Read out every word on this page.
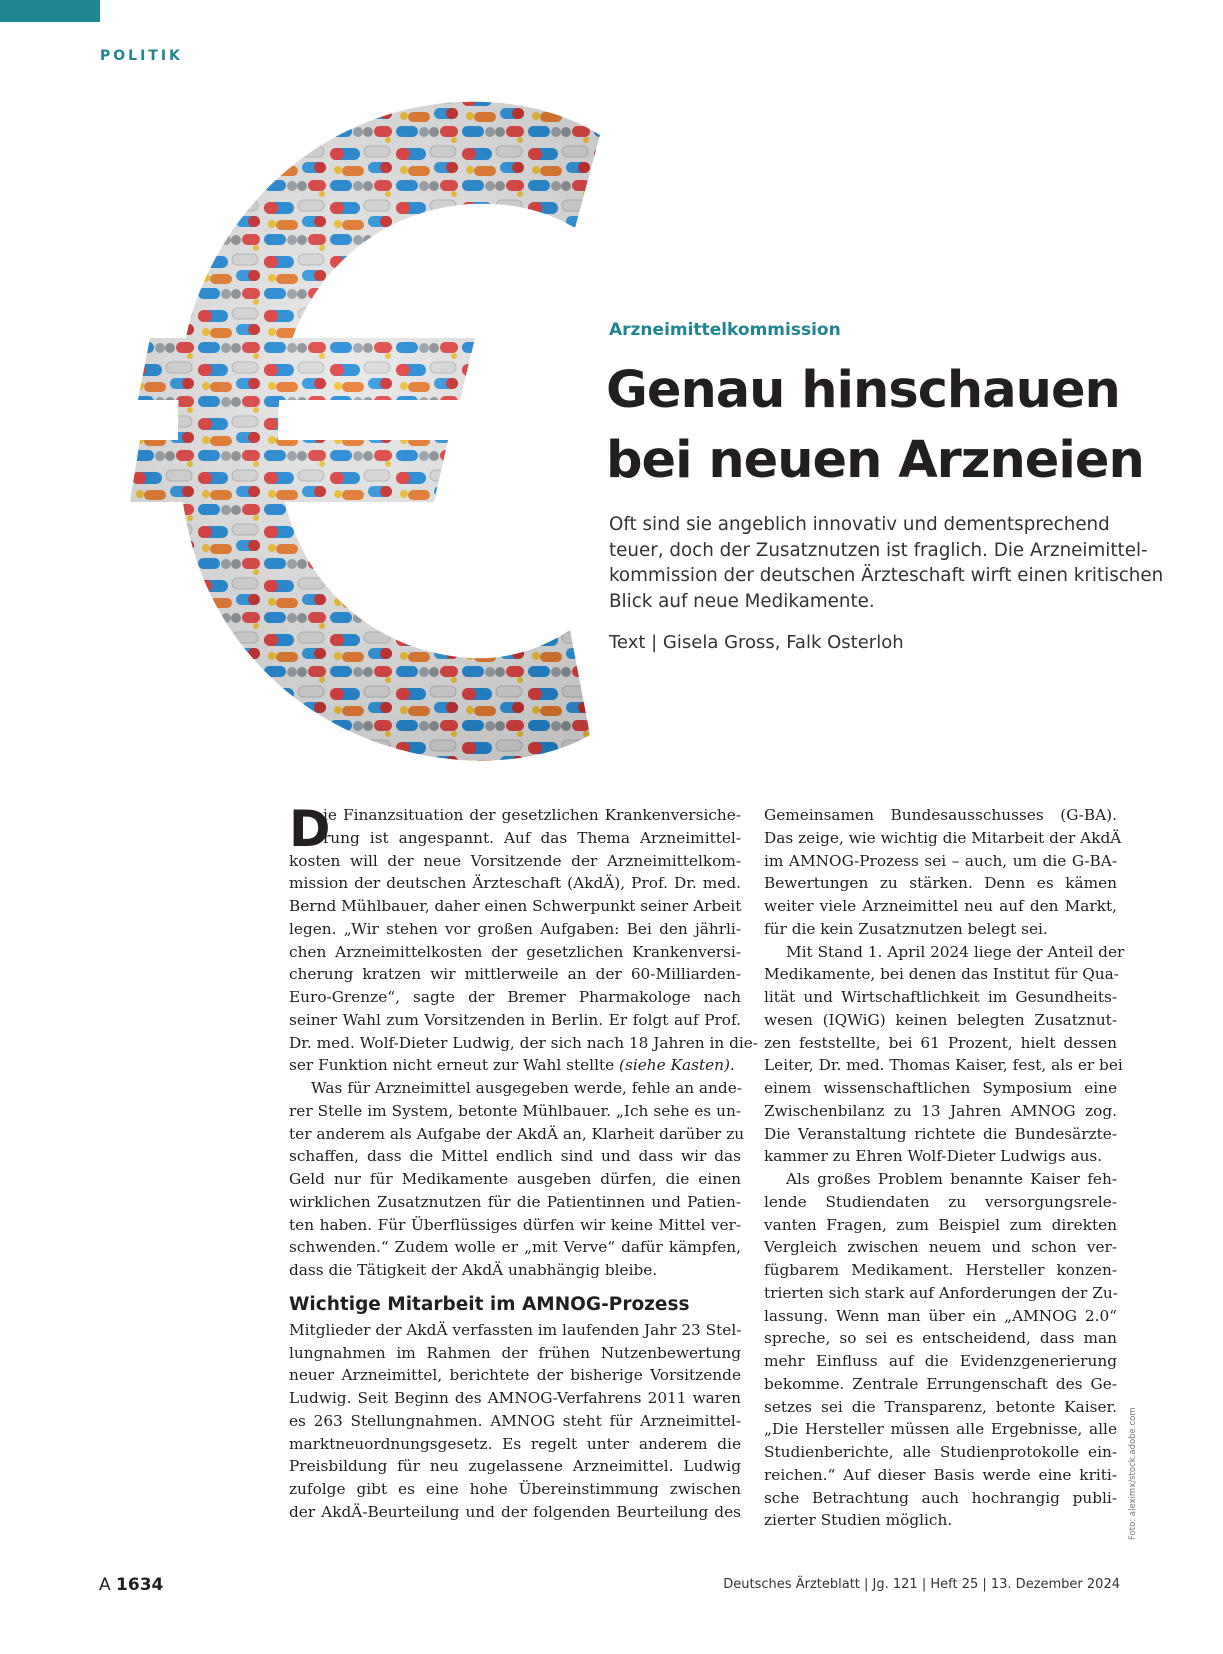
POLITIK
Arzneimittelkommission
Genau hinschauen
bei neuen Arzneien
Oft sind sie angeblich innovativ und dementsprechend
teuer, doch der Zusatznutzen ist fraglich. Die Arzneimittel-
kommission der deutschen Ärzteschaft wirft einen kritischen
Blick auf neue Medikamente.
Text | Gisela Gross, Falk Osterloh
D
ie Finanzsituation der gesetzlichen Krankenversiche-
rung ist angespannt. Auf das Thema Arzneimittel-
kosten will der neue Vorsitzende der Arzneimittelkom-
mission der deutschen Ärzteschaft (AkdÄ), Prof. Dr. med.
Bernd Mühlbauer, daher einen Schwerpunkt seiner Arbeit
legen. „Wir stehen vor großen Aufgaben: Bei den jährli-
chen Arzneimittelkosten der gesetzlichen Krankenversi-
cherung kratzen wir mittlerweile an der 60-Milliarden-
Euro-Grenze“, sagte der Bremer Pharmakologe nach
seiner Wahl zum Vorsitzenden in Berlin. Er folgt auf Prof.
Dr. med. Wolf-Dieter Ludwig, der sich nach 18 Jahren in die-
ser Funktion nicht erneut zur Wahl stellte (siehe Kasten).
Was für Arzneimittel ausgegeben werde, fehle an ande-
rer Stelle im System, betonte Mühlbauer. „Ich sehe es un-
ter anderem als Aufgabe der AkdÄ an, Klarheit darüber zu
schaffen, dass die Mittel endlich sind und dass wir das
Geld nur für Medikamente ausgeben dürfen, die einen
wirklichen Zusatznutzen für die Patientinnen und Patien-
ten haben. Für Überflüssiges dürfen wir keine Mittel ver-
schwenden.“ Zudem wolle er „mit Verve“ dafür kämpfen,
dass die Tätigkeit der AkdÄ unabhängig bleibe.
Wichtige Mitarbeit im AMNOG-Prozess
Mitglieder der AkdÄ verfassten im laufenden Jahr 23 Stel-
lungnahmen im Rahmen der frühen Nutzenbewertung
neuer Arzneimittel, berichtete der bisherige Vorsitzende
Ludwig. Seit Beginn des AMNOG-Verfahrens 2011 waren
es 263 Stellungnahmen. AMNOG steht für Arzneimittel-
marktneuordnungsgesetz. Es regelt unter anderem die
Preisbildung für neu zugelassene Arzneimittel. Ludwig
zufolge gibt es eine hohe Übereinstimmung zwischen
der AkdÄ-Beurteilung und der folgenden Beurteilung des
Gemeinsamen Bundesausschusses (G-BA).
Das zeige, wie wichtig die Mitarbeit der AkdÄ
im AMNOG-Prozess sei – auch, um die G-BA-
Bewertungen zu stärken. Denn es kämen
weiter viele Arzneimittel neu auf den Markt,
für die kein Zusatznutzen belegt sei.
Mit Stand 1. April 2024 liege der Anteil der
Medikamente, bei denen das Institut für Qua-
lität und Wirtschaftlichkeit im Gesundheits-
wesen (IQWiG) keinen belegten Zusatznut-
zen feststellte, bei 61 Prozent, hielt dessen
Leiter, Dr. med. Thomas Kaiser, fest, als er bei
einem wissenschaftlichen Symposium eine
Zwischenbilanz zu 13 Jahren AMNOG zog.
Die Veranstaltung richtete die Bundesärzte-
kammer zu Ehren Wolf-Dieter Ludwigs aus.
Als großes Problem benannte Kaiser feh-
lende Studiendaten zu versorgungsrele-
vanten Fragen, zum Beispiel zum direkten
Vergleich zwischen neuem und schon ver-
fügbarem Medikament. Hersteller konzen-
trierten sich stark auf Anforderungen der Zu-
lassung. Wenn man über ein „AMNOG 2.0“
spreche, so sei es entscheidend, dass man
mehr Einfluss auf die Evidenzgenerierung
bekomme. Zentrale Errungenschaft des Ge-
setzes sei die Transparenz, betonte Kaiser.
„Die Hersteller müssen alle Ergebnisse, alle
Studienberichte, alle Studienprotokolle ein-
reichen.“ Auf dieser Basis werde eine kriti-
sche Betrachtung auch hochrangig publi-
zierter Studien möglich.	Foto: aleximx/stock.adobe.com
A 1634	Deutsches Ärzteblatt | Jg. 121 | Heft 25 | 13. Dezember 2024
